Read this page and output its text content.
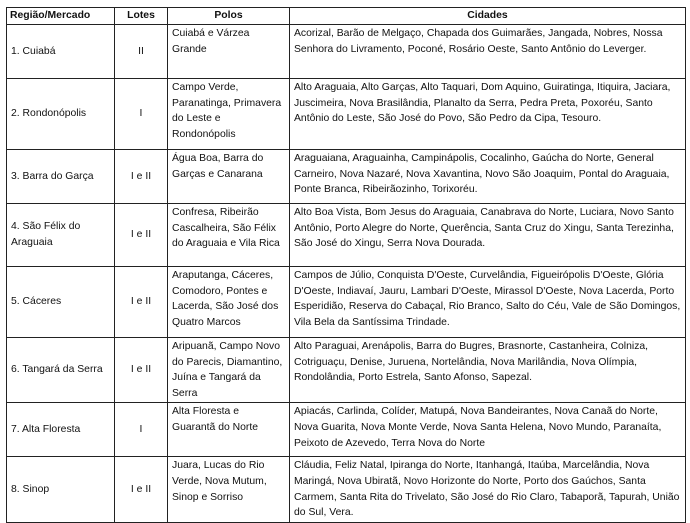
Região/Mercado	Lotes	Polos	Cidades
1. Cuiabá	II	Cuiabá e Várzea Grande	Acorizal, Barão de Melgaço, Chapada dos Guimarães, Jangada, Nobres, Nossa Senhora do Livramento, Poconé, Rosário Oeste, Santo Antônio do Leverger.
2. Rondonópolis	I	Campo Verde, Paranatinga, Primavera do Leste e Rondonópolis	Alto Araguaia, Alto Garças, Alto Taquari, Dom Aquino, Guiratinga, Itiquira, Jaciara, Juscimeira, Nova Brasilândia, Planalto da Serra, Pedra Preta, Poxoréu, Santo Antônio do Leste, São José do Povo, São Pedro da Cipa, Tesouro.
3. Barra do Garça	I e II	Água Boa, Barra do Garças e Canarana	Araguaiana, Araguainha, Campinápolis, Cocalinho, Gaúcha do Norte, General Carneiro, Nova Nazaré, Nova Xavantina, Novo São Joaquim, Pontal do Araguaia, Ponte Branca, Ribeirãozinho, Torixoréu.
4. São Félix do Araguaia	I e II	Confresa, Ribeirão Cascalheira, São Félix do Araguaia e Vila Rica	Alto Boa Vista, Bom Jesus do Araguaia, Canabrava do Norte, Luciara, Novo Santo Antônio, Porto Alegre do Norte, Querência, Santa Cruz do Xingu, Santa Terezinha, São José do Xingu, Serra Nova Dourada.
5. Cáceres	I e II	Araputanga, Cáceres, Comodoro, Pontes e Lacerda, São José dos Quatro Marcos	Campos de Júlio, Conquista D'Oeste, Curvelândia, Figueirópolis D'Oeste, Glória D'Oeste, Indiavaí, Jauru, Lambari D'Oeste, Mirassol D'Oeste, Nova Lacerda, Porto Esperidião, Reserva do Cabaçal, Rio Branco, Salto do Céu, Vale de São Domingos, Vila Bela da Santíssima Trindade.
6. Tangará da Serra	I e II	Aripuanã, Campo Novo do Parecis, Diamantino, Juína e Tangará da Serra	Alto Paraguai, Arenápolis, Barra do Bugres, Brasnorte, Castanheira, Colniza, Cotriguaçu, Denise, Juruena, Nortelândia, Nova Marilândia, Nova Olímpia, Rondolândia, Porto Estrela, Santo Afonso, Sapezal.
7. Alta Floresta	I	Alta Floresta e Guarantã do Norte	Apiacás, Carlinda, Colíder, Matupá, Nova Bandeirantes, Nova Canaã do Norte, Nova Guarita, Nova Monte Verde, Nova Santa Helena, Novo Mundo, Paranaíta, Peixoto de Azevedo, Terra Nova do Norte
8. Sinop	I e II	Juara, Lucas do Rio Verde, Nova Mutum, Sinop e Sorriso	Cláudia, Feliz Natal, Ipiranga do Norte, Itanhangá, Itaúba, Marcelândia, Nova Maringá, Nova Ubiratã, Novo Horizonte do Norte, Porto dos Gaúchos, Santa Carmem, Santa Rita do Trivelato, São José do Rio Claro, Tabaporã, Tapurah, União do Sul, Vera.
